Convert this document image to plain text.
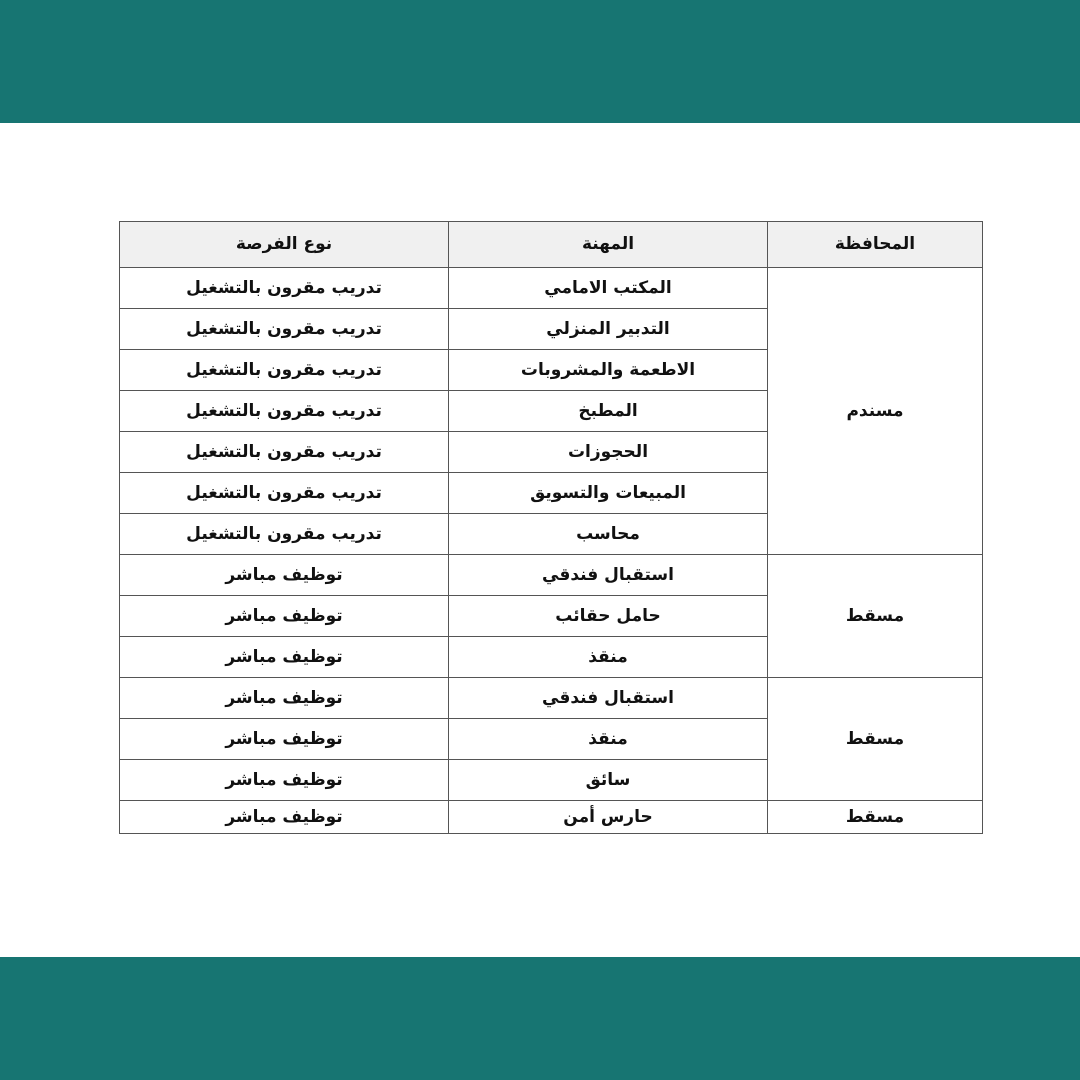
المحافظة	المهنة	نوع الفرصة
مسندم	المكتب الامامي	تدريب مقرون بالتشغيل
	التدبير المنزلي	تدريب مقرون بالتشغيل
	الاطعمة والمشروبات	تدريب مقرون بالتشغيل
	المطبخ	تدريب مقرون بالتشغيل
	الحجوزات	تدريب مقرون بالتشغيل
	المبيعات والتسويق	تدريب مقرون بالتشغيل
	محاسب	تدريب مقرون بالتشغيل
مسقط	استقبال فندقي	توظيف مباشر
	حامل حقائب	توظيف مباشر
	منقذ	توظيف مباشر
مسقط	استقبال فندقي	توظيف مباشر
	منقذ	توظيف مباشر
	سائق	توظيف مباشر
مسقط	حارس أمن	توظيف مباشر
